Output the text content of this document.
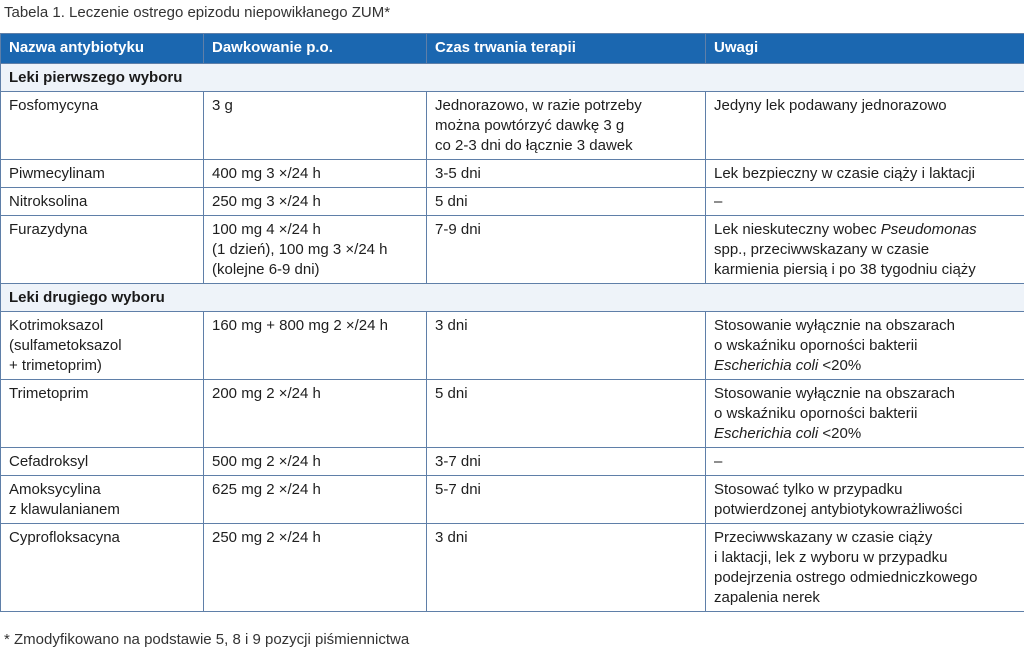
Tabela 1. Leczenie ostrego epizodu niepowikłanego ZUM*
Nazwa antybiotyku	Dawkowanie p.o.	Czas trwania terapii	Uwagi
Leki pierwszego wyboru			

Fosfomycyna	3 g	Jednorazowo, w razie potrzeby
można powtórzyć dawkę 3 g
co 2-3 dni do łącznie 3 dawek	Jedyny lek podawany jednorazowo

Piwmecylinam	400 mg 3 ×/24 h	3-5 dni	Lek bezpieczny w czasie ciąży i laktacji

Nitroksolina	250 mg 3 ×/24 h	5 dni	–

Furazydyna	100 mg 4 ×/24 h
(1 dzień), 100 mg 3 ×/24 h
(kolejne 6-9 dni)	7-9 dni	Lek nieskuteczny wobec Pseudomonas
spp., przeciwwskazany w czasie
karmienia piersią i po 38 tygodniu ciąży

Leki drugiego wyboru			

Kotrimoksazol
(sulfametoksazol
+ trimetoprim)	160 mg + 800 mg 2 ×/24 h	3 dni	Stosowanie wyłącznie na obszarach
o wskaźniku oporności bakterii
Escherichia coli <20%

Trimetoprim	200 mg 2 ×/24 h	5 dni	Stosowanie wyłącznie na obszarach
o wskaźniku oporności bakterii
Escherichia coli <20%

Cefadroksyl	500 mg 2 ×/24 h	3-7 dni	–

Amoksycylina
z klawulanianem	625 mg 2 ×/24 h	5-7 dni	Stosować tylko w przypadku
potwierdzonej antybiotykowrażliwości

Cyprofloksacyna	250 mg 2 ×/24 h	3 dni	Przeciwwskazany w czasie ciąży
i laktacji, lek z wyboru w przypadku
podejrzenia ostrego odmiedniczkowego
zapalenia nerek
* Zmodyfikowano na podstawie 5, 8 i 9 pozycji piśmiennictwa
